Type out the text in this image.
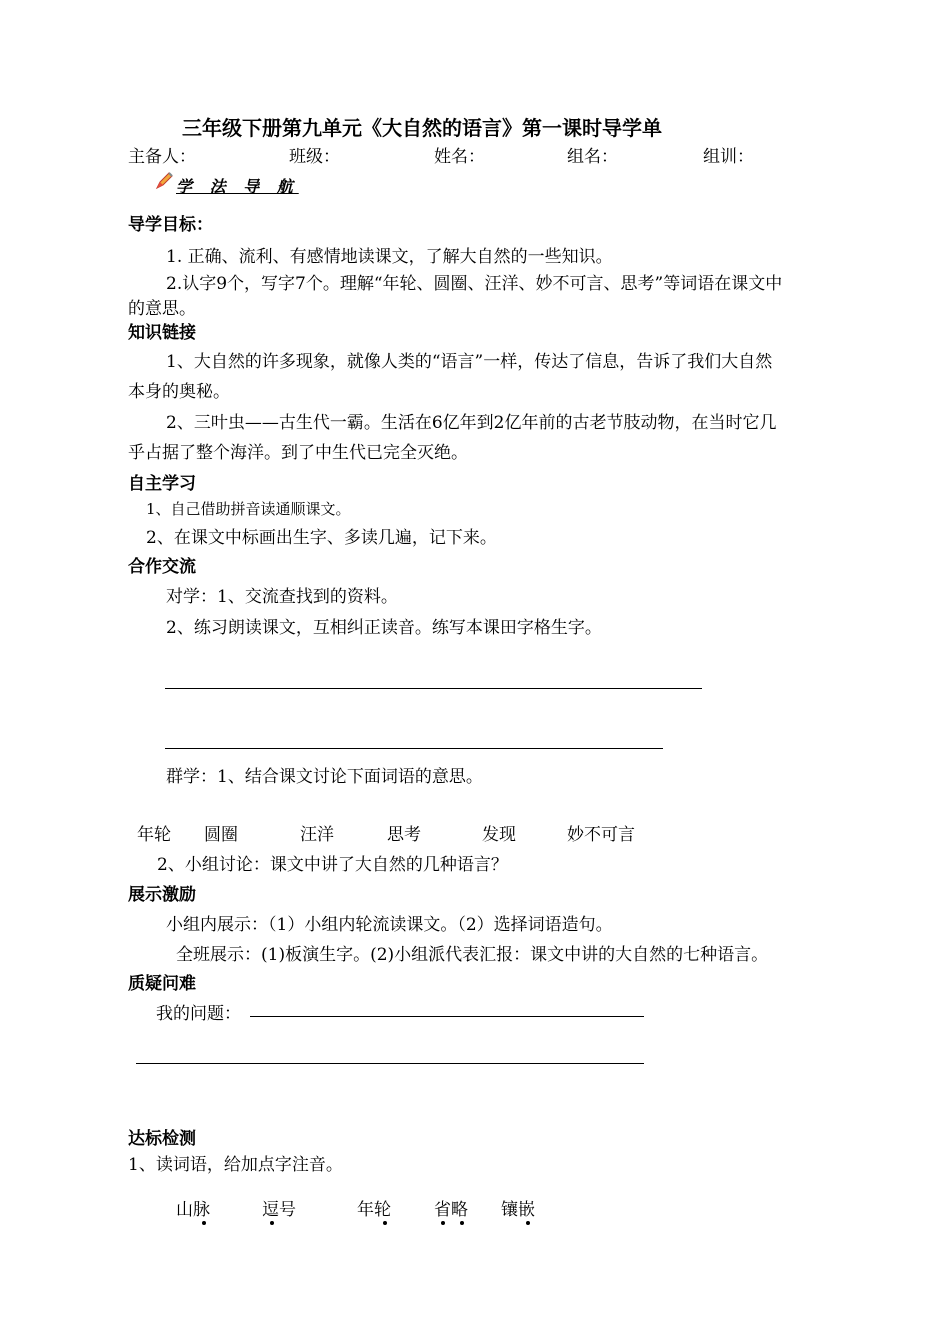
三年级下册第九单元《大自然的语言》第一课时导学单
主备人：	班级：	姓名：	组名：	组训：
学 法 导 航
导学目标：
1. 正确、流利、有感情地读课文，了解大自然的一些知识。
2.认字9个，写字7个。理解“年轮、圆圈、汪洋、妙不可言、思考”等词语在课文中
的意思。
知识链接
1、大自然的许多现象，就像人类的“语言”一样，传达了信息，告诉了我们大自然
本身的奥秘。
2、三叶虫——古生代一霸。生活在6亿年到2亿年前的古老节肢动物，在当时它几
乎占据了整个海洋。到了中生代已完全灭绝。
自主学习
1、自己借助拼音读通顺课文。
2、在课文中标画出生字、多读几遍，记下来。
合作交流
对学：1、交流查找到的资料。
2、练习朗读课文，互相纠正读音。练写本课田字格生字。
群学：1、结合课文讨论下面词语的意思。
年轮 圆圈	汪洋	思考	发现	妙不可言
2、小组讨论：课文中讲了大自然的几种语言？
展示激励
小组内展示：（1）小组内轮流读课文。（2）选择词语造句。
全班展示：(1)板演生字。(2)小组派代表汇报：课文中讲的大自然的七种语言。
质疑问难
我的问题：
达标检测
1、读词语，给加点字注音。
山脉	逗号	年轮	省略 镶嵌
